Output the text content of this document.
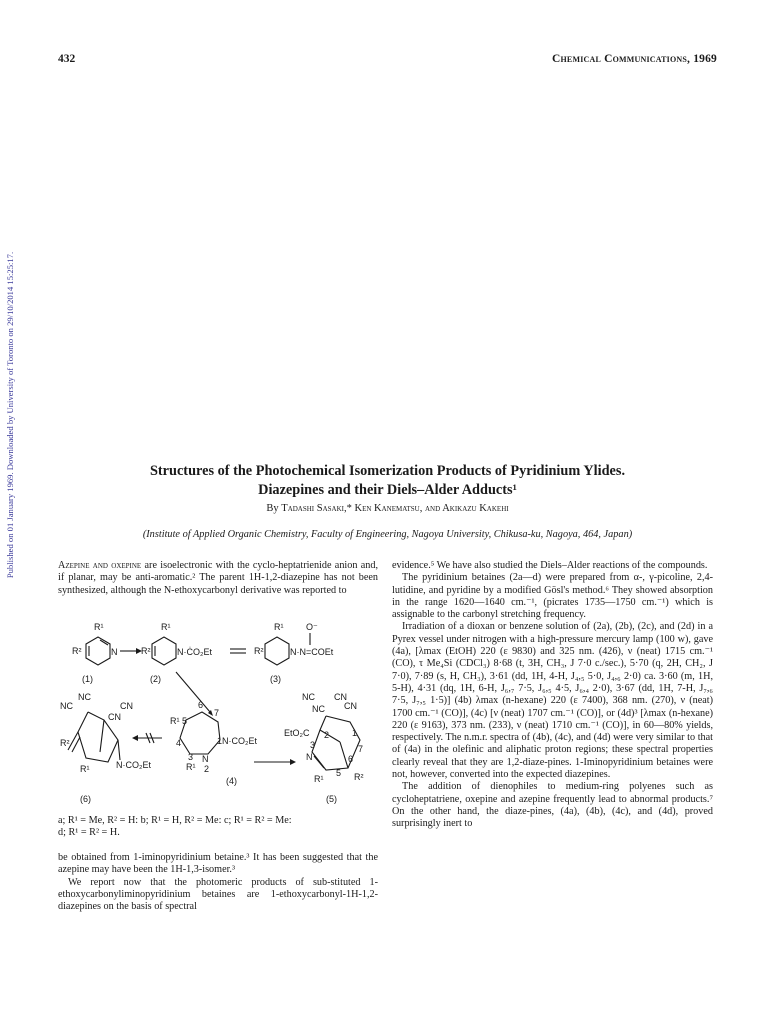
432	Chemical Communications, 1969
Published on 01 January 1969. Downloaded by University of Toronto on 29/10/2014 15:25:17.	Structures of the Photochemical Isomerization Products of Pyridinium Ylides.
Diazepines and their Diels–Alder Adducts¹
By Tadashi Sasaki,* Ken Kanematsu, and Akikazu Kakehi
(Institute of Applied Organic Chemistry, Faculty of Engineering, Nagoya University, Chikusa-ku, Nagoya, 464, Japan)

Azepine and oxepine are isoelectronic with the cyclo-heptatrienide anion and, if planar, may be anti-aromatic.² The parent 1H-1,2-diazepine has not been synthesized, although the N-ethoxycarbonyl derivative was reported to

R¹
R²	N
(1)
R²
R¹
N·ĊO₂Et
(2)
R²
R¹	O⁻
N·N=COEt
(3)
NC
NC	CN
CN
R²
R¹	N·CO₂Et
(6)
R¹
6
7
5
4
3 N
R¹ 2
1N·CO₂Et
(4)
NC CN
NC CN
EtO₂C 2
3
N
1
7
6
5
R¹	R²
(5)

a; R¹ = Me, R² = H: b; R¹ = H, R² = Me: c; R¹ = R² = Me:

d; R¹ = R² = H.

be obtained from 1-iminopyridinium betaine.³ It has been suggested that the azepine may have been the 1H-1,3-isomer.³

We report now that the photomeric products of sub-stituted 1-ethoxycarbonyliminopyridinium betaines are 1-ethoxycarbonyl-1H-1,2-diazepines on the basis of spectral

evidence.⁵ We have also studied the Diels–Alder reactions of the compounds.

The pyridinium betaines (2a—d) were prepared from α-, γ-picoline, 2,4-lutidine, and pyridine by a modified Gösl's method.⁶ They showed absorption in the range 1620—1640 cm.⁻¹, (picrates 1735—1750 cm.⁻¹) which is assignable to the carbonyl stretching frequency.

Irradiation of a dioxan or benzene solution of (2a), (2b), (2c), and (2d) in a Pyrex vessel under nitrogen with a high-pressure mercury lamp (100 w), gave (4a), [λmax (EtOH) 220 (ε 9830) and 325 nm. (426), ν (neat) 1715 cm.⁻¹ (CO), τ Me₄Si (CDCl₃) 8·68 (t, 3H, CH₃, J 7·0 c./sec.), 5·70 (q, 2H, CH₂, J 7·0), 7·89 (s, H, CH₃), 3·61 (dd, 1H, 4-H, J₄,₅ 5·0, J₄,₆ 2·0) ca. 3·60 (m, 1H, 5-H), 4·31 (dq, 1H, 6-H, J₆,₇ 7·5, J₆,₅ 4·5, J₆,₄ 2·0), 3·67 (dd, 1H, 7-H, J₇,₆ 7·5, J₇,₅ 1·5)] (4b) λmax (n-hexane) 220 (ε 7400), 368 nm. (270), ν (neat) 1700 cm.⁻¹ (CO)], (4c) [ν (neat) 1707 cm.⁻¹ (CO)], or (4d)³ [λmax (n-hexane) 220 (ε 9163), 373 nm. (233), ν (neat) 1710 cm.⁻¹ (CO)], in 60—80% yields, respectively. The n.m.r. spectra of (4b), (4c), and (4d) were very similar to that of (4a) in the olefinic and aliphatic proton regions; these spectral properties clearly reveal that they are 1,2-diaze-pines. 1-Iminopyridinium betaines were not, however, converted into the expected diazepines.

The addition of dienophiles to medium-ring polyenes such as cycloheptatriene, oxepine and azepine frequently lead to abnormal products.⁷ On the other hand, the diaze-pines, (4a), (4b), (4c), and (4d), proved surprisingly inert to
